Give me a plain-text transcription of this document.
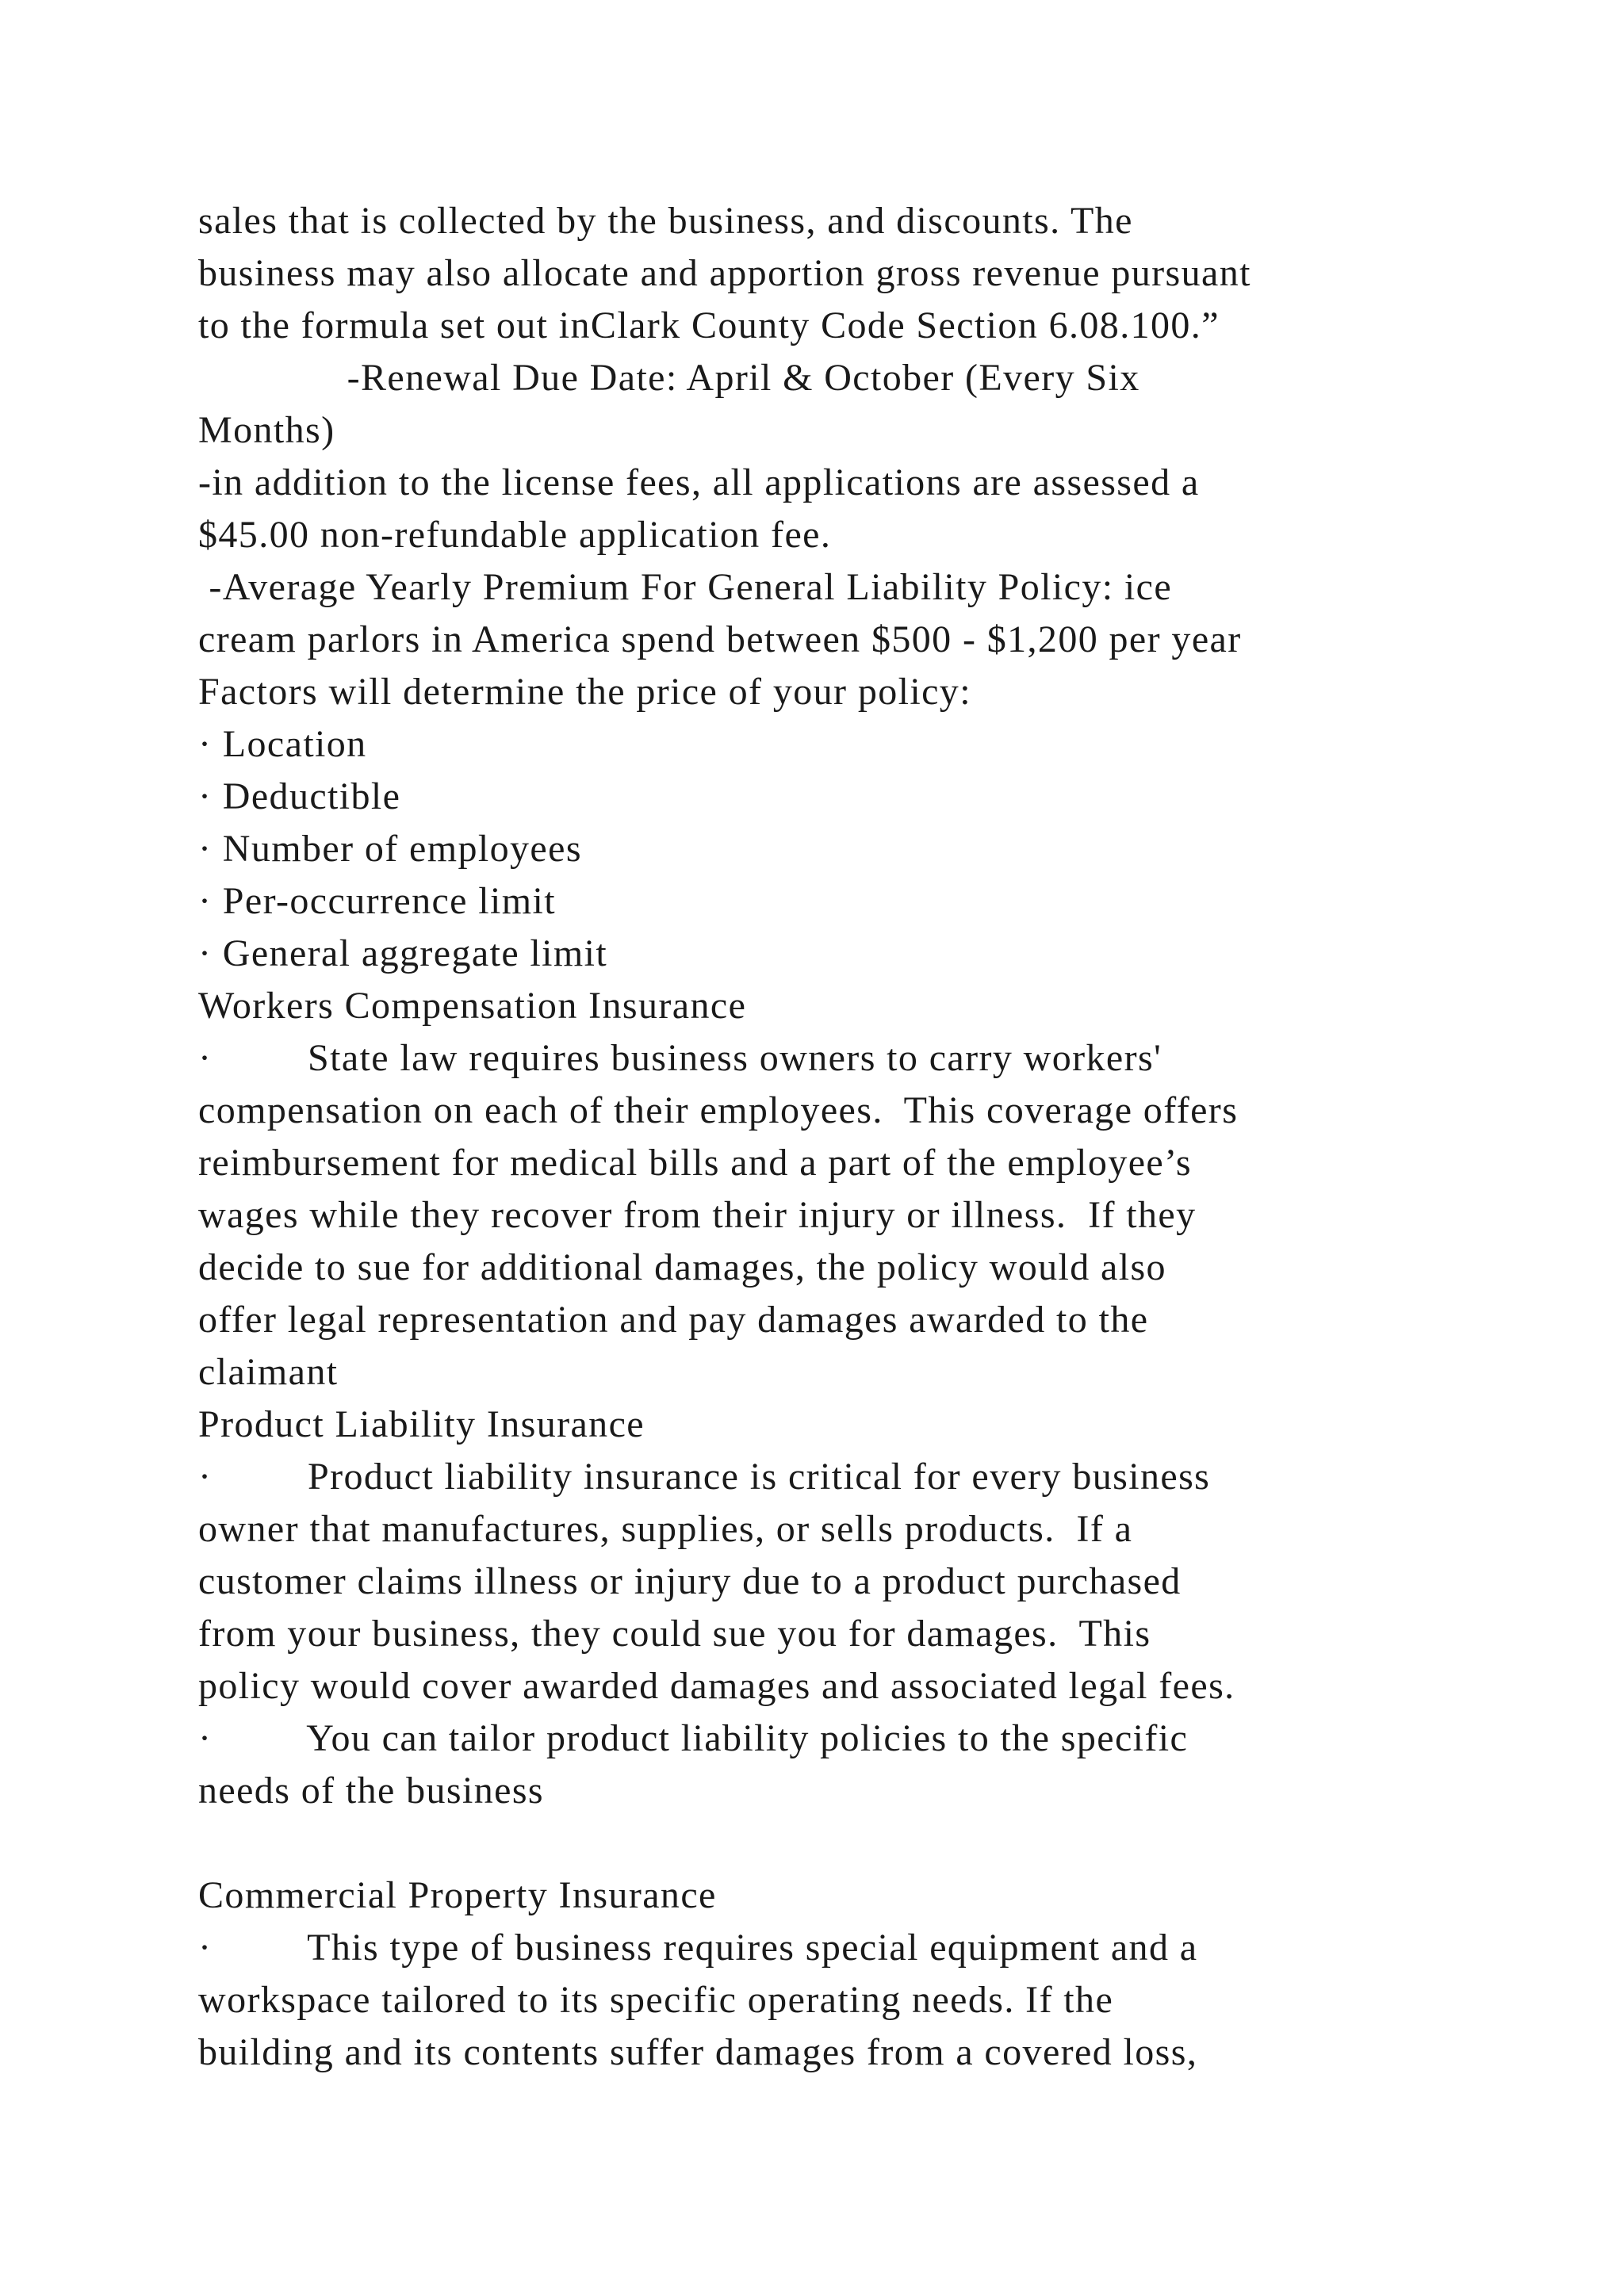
sales that is collected by the business, and discounts. The
business may also allocate and apportion gross revenue pursuant
to the formula set out inClark County Code Section 6.08.100.”
-Renewal Due Date: April & October (Every Six
Months)
-in addition to the license fees, all applications are assessed a
$45.00 non-refundable application fee.
-Average Yearly Premium For General Liability Policy: ice
cream parlors in America spend between $500 - $1,200 per year
Factors will determine the price of your policy:
· Location
· Deductible
· Number of employees
· Per-occurrence limit
· General aggregate limit
Workers Compensation Insurance
·         State law requires business owners to carry workers'
compensation on each of their employees.  This coverage offers
reimbursement for medical bills and a part of the employee’s
wages while they recover from their injury or illness.  If they
decide to sue for additional damages, the policy would also
offer legal representation and pay damages awarded to the
claimant
Product Liability Insurance
·         Product liability insurance is critical for every business
owner that manufactures, supplies, or sells products.  If a
customer claims illness or injury due to a product purchased
from your business, they could sue you for damages.  This
policy would cover awarded damages and associated legal fees.
·         You can tailor product liability policies to the specific
needs of the business
Commercial Property Insurance
·         This type of business requires special equipment and a
workspace tailored to its specific operating needs. If the
building and its contents suffer damages from a covered loss,
